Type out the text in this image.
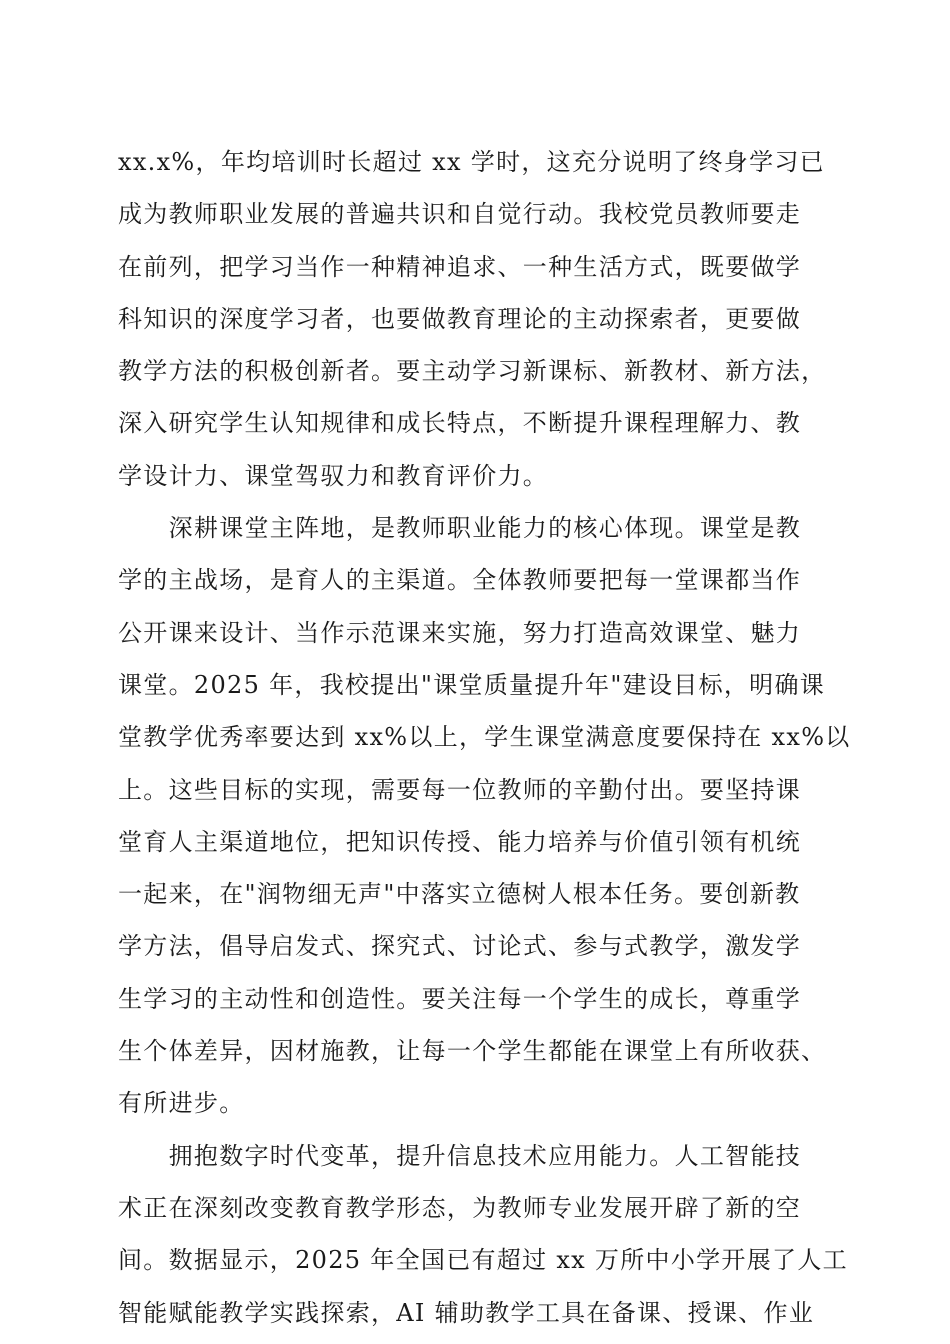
xx.x%，年均培训时长超过 xx 学时，这充分说明了终身学习已
成为教师职业发展的普遍共识和自觉行动。我校党员教师要走
在前列，把学习当作一种精神追求、一种生活方式，既要做学
科知识的深度学习者，也要做教育理论的主动探索者，更要做
教学方法的积极创新者。要主动学习新课标、新教材、新方法，
深入研究学生认知规律和成长特点，不断提升课程理解力、教
学设计力、课堂驾驭力和教育评价力。
　　深耕课堂主阵地，是教师职业能力的核心体现。课堂是教
学的主战场，是育人的主渠道。全体教师要把每一堂课都当作
公开课来设计、当作示范课来实施，努力打造高效课堂、魅力
课堂。2025 年，我校提出"课堂质量提升年"建设目标，明确课
堂教学优秀率要达到 xx%以上，学生课堂满意度要保持在 xx%以
上。这些目标的实现，需要每一位教师的辛勤付出。要坚持课
堂育人主渠道地位，把知识传授、能力培养与价值引领有机统
一起来，在"润物细无声"中落实立德树人根本任务。要创新教
学方法，倡导启发式、探究式、讨论式、参与式教学，激发学
生学习的主动性和创造性。要关注每一个学生的成长，尊重学
生个体差异，因材施教，让每一个学生都能在课堂上有所收获、
有所进步。
　　拥抱数字时代变革，提升信息技术应用能力。人工智能技
术正在深刻改变教育教学形态，为教师专业发展开辟了新的空
间。数据显示，2025 年全国已有超过 xx 万所中小学开展了人工
智能赋能教学实践探索，AI 辅助教学工具在备课、授课、作业
